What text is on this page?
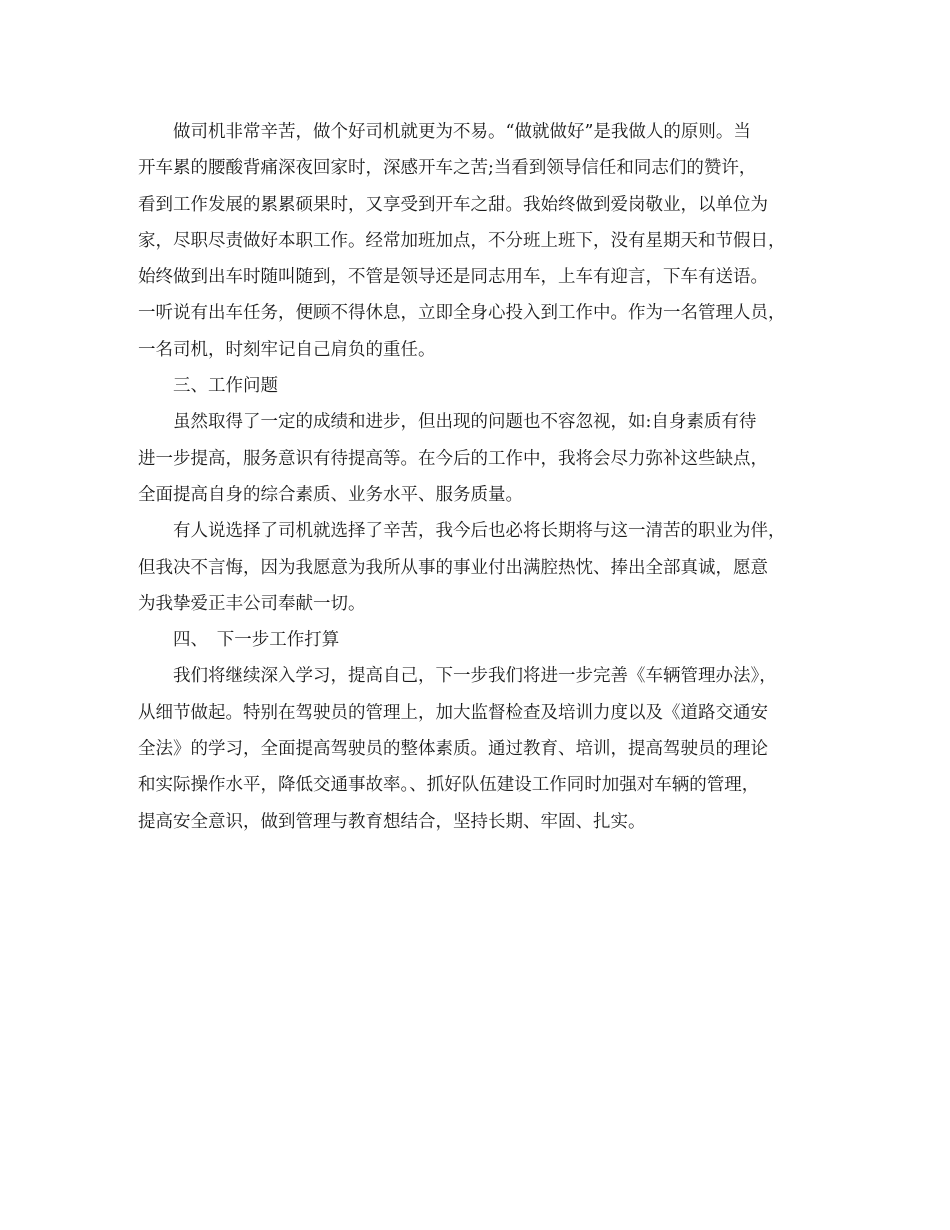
做司机非常辛苦，做个好司机就更为不易。“做就做好”是我做人的原则。当
开车累的腰酸背痛深夜回家时，深感开车之苦;当看到领导信任和同志们的赞许，
看到工作发展的累累硕果时，又享受到开车之甜。我始终做到爱岗敬业，以单位为
家，尽职尽责做好本职工作。经常加班加点，不分班上班下，没有星期天和节假日，
始终做到出车时随叫随到，不管是领导还是同志用车，上车有迎言，下车有送语。
一听说有出车任务，便顾不得休息，立即全身心投入到工作中。作为一名管理人员，
一名司机，时刻牢记自己肩负的重任。
三、工作问题
虽然取得了一定的成绩和进步，但出现的问题也不容忽视，如:自身素质有待
进一步提高，服务意识有待提高等。在今后的工作中，我将会尽力弥补这些缺点，
全面提高自身的综合素质、业务水平、服务质量。
有人说选择了司机就选择了辛苦，我今后也必将长期将与这一清苦的职业为伴，
但我决不言悔，因为我愿意为我所从事的事业付出满腔热忱、捧出全部真诚，愿意
为我挚爱正丰公司奉献一切。
四、　下一步工作打算
我们将继续深入学习，提高自己，下一步我们将进一步完善《车辆管理办法》，
从细节做起。特别在驾驶员的管理上，加大监督检查及培训力度以及《道路交通安
全法》的学习，全面提高驾驶员的整体素质。通过教育、培训，提高驾驶员的理论
和实际操作水平，降低交通事故率。、抓好队伍建设工作同时加强对车辆的管理，
提高安全意识，做到管理与教育想结合，坚持长期、牢固、扎实。
